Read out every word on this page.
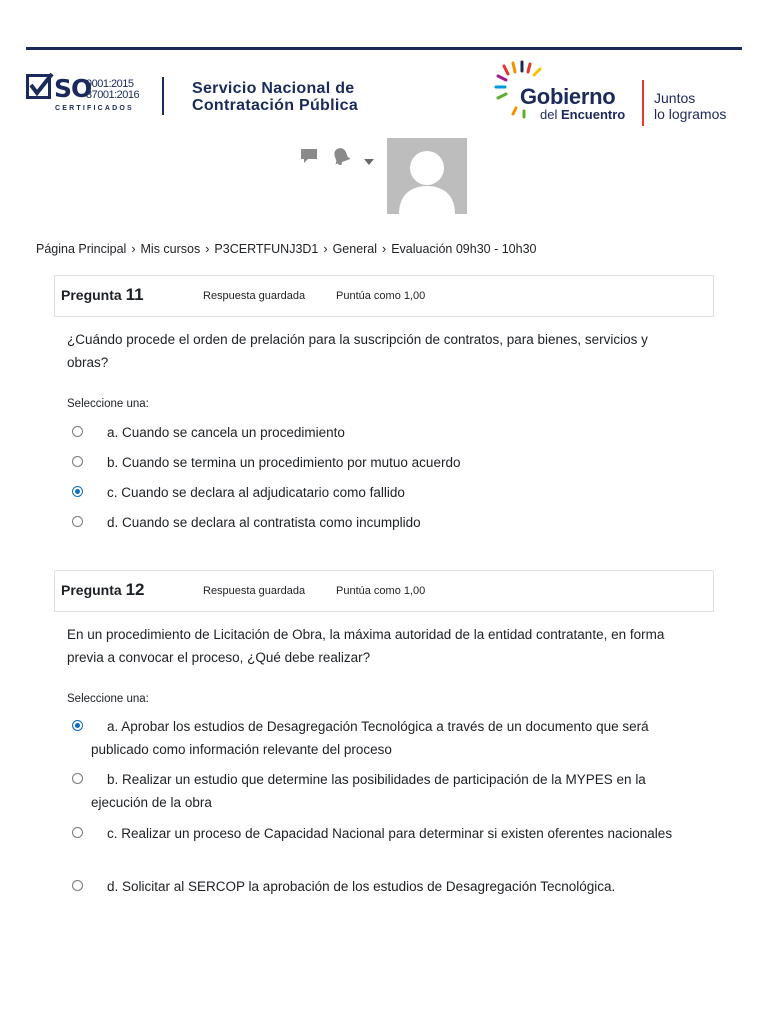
SO
9001:2015
37001:2016
CERTIFICADOS
Servicio Nacional de
Contratación Pública	Gobierno
del Encuentro
Juntos
lo logramos
Página Principal › Mis cursos › P3CERTFUNJ3D1 › General › Evaluación 09h30 - 10h30
Pregunta 11	Respuesta guardada	Puntúa como 1,00
¿Cuándo procede el orden de prelación para la suscripción de contratos, para bienes, servicios y obras?
Seleccione una:
a. Cuando se cancela un procedimiento
b. Cuando se termina un procedimiento por mutuo acuerdo
c. Cuando se declara al adjudicatario como fallido
d. Cuando se declara al contratista como incumplido
Pregunta 12	Respuesta guardada	Puntúa como 1,00
En un procedimiento de Licitación de Obra, la máxima autoridad de la entidad contratante, en forma previa a convocar el proceso, ¿Qué debe realizar?
Seleccione una:
a. Aprobar los estudios de Desagregación Tecnológica a través de un documento que será publicado como información relevante del proceso
b. Realizar un estudio que determine las posibilidades de participación de la MYPES en la ejecución de la obra
c. Realizar un proceso de Capacidad Nacional para determinar si existen oferentes nacionales
d. Solicitar al SERCOP la aprobación de los estudios de Desagregación Tecnológica.
